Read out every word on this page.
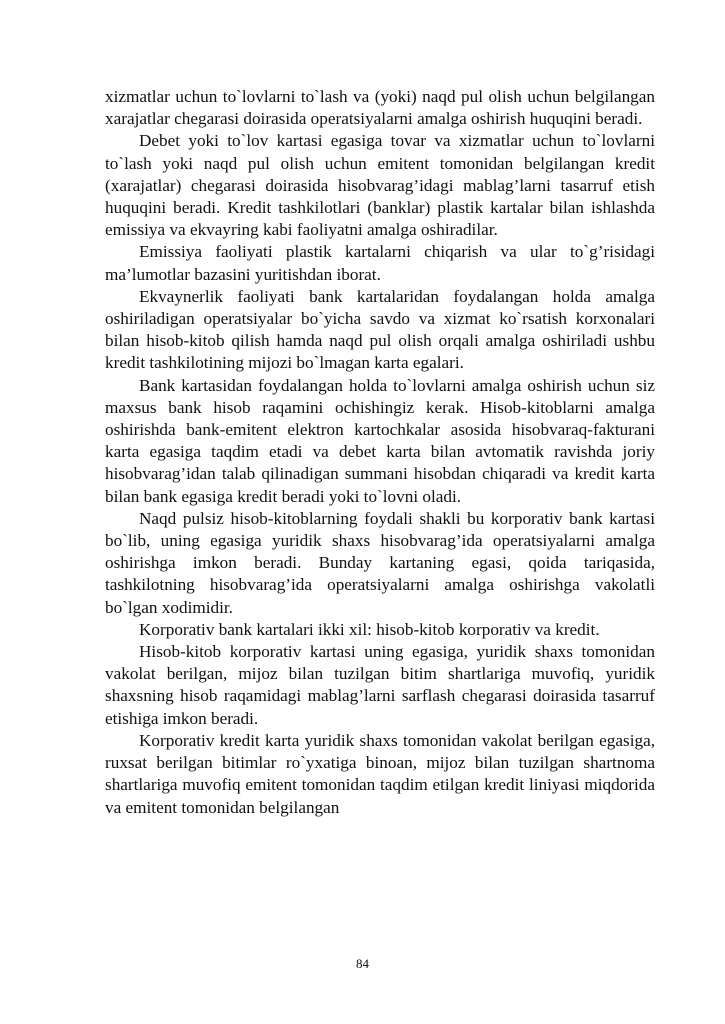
xizmatlar uchun to`lovlarni to`lash va (yoki) naqd pul olish uchun belgilangan xarajatlar chegarasi doirasida operatsiyalarni amalga oshirish huquqini beradi.

Debet yoki to`lov kartasi egasiga tovar va xizmatlar uchun to`lovlarni to`lash yoki naqd pul olish uchun emitent tomonidan belgilangan kredit (xarajatlar) chegarasi doirasida hisobvarag’idagi mablag’larni tasarruf etish huquqini beradi. Kredit tashkilotlari (banklar) plastik kartalar bilan ishlashda emissiya va ekvayring kabi faoliyatni amalga oshiradilar.

Emissiya faoliyati plastik kartalarni chiqarish va ular to`g’risidagi ma’lumotlar bazasini yuritishdan iborat.

Ekvaynerlik faoliyati bank kartalaridan foydalangan holda amalga oshiriladigan operatsiyalar bo`yicha savdo va xizmat ko`rsatish korxonalari bilan hisob-kitob qilish hamda naqd pul olish orqali amalga oshiriladi ushbu kredit tashkilotining mijozi bo`lmagan karta egalari.

Bank kartasidan foydalangan holda to`lovlarni amalga oshirish uchun siz maxsus bank hisob raqamini ochishingiz kerak. Hisob-kitoblarni amalga oshirishda bank-emitent elektron kartochkalar asosida hisobvaraq-fakturani karta egasiga taqdim etadi va debet karta bilan avtomatik ravishda joriy hisobvarag’idan talab qilinadigan summani hisobdan chiqaradi va kredit karta bilan bank egasiga kredit beradi yoki to`lovni oladi.

Naqd pulsiz hisob-kitoblarning foydali shakli bu korporativ bank kartasi bo`lib, uning egasiga yuridik shaxs hisobvarag’ida operatsiyalarni amalga oshirishga imkon beradi. Bunday kartaning egasi, qoida tariqasida, tashkilotning hisobvarag’ida operatsiyalarni amalga oshirishga vakolatli bo`lgan xodimidir.

Korporativ bank kartalari ikki xil: hisob-kitob korporativ va kredit.

Hisob-kitob korporativ kartasi uning egasiga, yuridik shaxs tomonidan vakolat berilgan, mijoz bilan tuzilgan bitim shartlariga muvofiq, yuridik shaxsning hisob raqamidagi mablag’larni sarflash chegarasi doirasida tasarruf etishiga imkon beradi.

Korporativ kredit karta yuridik shaxs tomonidan vakolat berilgan egasiga, ruxsat berilgan bitimlar ro`yxatiga binoan, mijoz bilan tuzilgan shartnoma shartlariga muvofiq emitent tomonidan taqdim etilgan kredit liniyasi miqdorida va emitent tomonidan belgilangan

84
